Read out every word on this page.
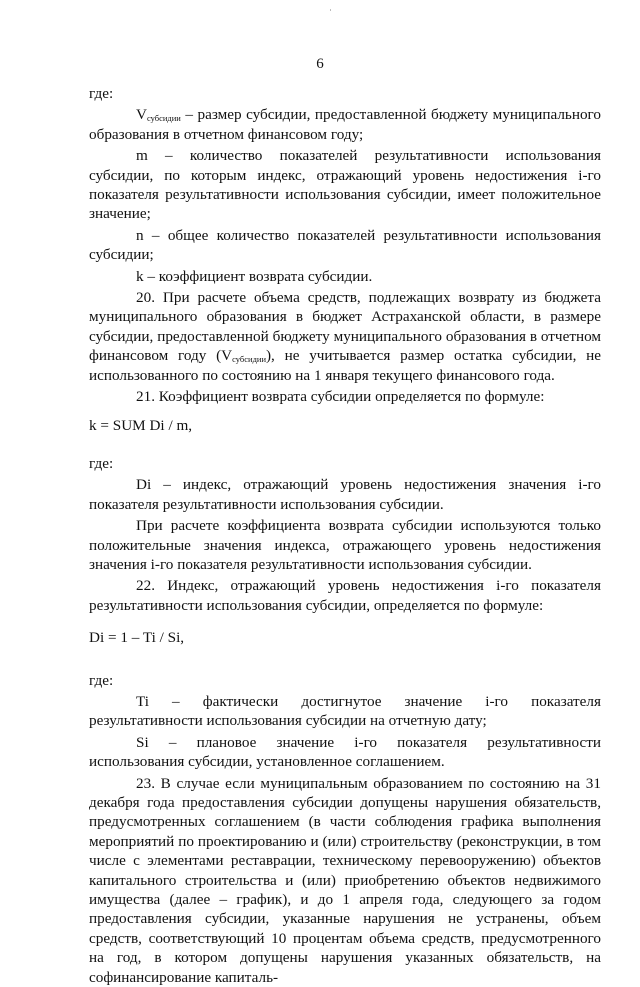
˙
6

где:

$V_{субсидии}$ – размер субсидии, предоставленной бюджету муниципального образования в отчетном финансовом году;

m – количество показателей результативности использования субсидии, по которым индекс, отражающий уровень недостижения i-го показателя результативности использования субсидии, имеет положительное значение;

n – общее количество показателей результативности использования субсидии;

k – коэффициент возврата субсидии.

20. При расчете объема средств, подлежащих возврату из бюджета муниципального образования в бюджет Астраханской области, в размере субсидии, предоставленной бюджету муниципального образования в отчетном финансовом году $(V_{субсидии})$, не учитывается размер остатка субсидии, не использованного по состоянию на 1 января текущего финансового года.

21. Коэффициент возврата субсидии определяется по формуле:

k = SUM Di / m,

где:

Di – индекс, отражающий уровень недостижения значения i-го показателя результативности использования субсидии.

При расчете коэффициента возврата субсидии используются только положительные значения индекса, отражающего уровень недостижения значения i-го показателя результативности использования субсидии.

22. Индекс, отражающий уровень недостижения i-го показателя результативности использования субсидии, определяется по формуле:

Di = 1 – Ti / Si,

где:

Ti – фактически достигнутое значение i-го показателя результативности использования субсидии на отчетную дату;

Si – плановое значение i-го показателя результативности использования субсидии, установленное соглашением.

23. В случае если муниципальным образованием по состоянию на 31 декабря года предоставления субсидии допущены нарушения обязательств, предусмотренных соглашением (в части соблюдения графика выполнения мероприятий по проектированию и (или) строительству (реконструкции, в том числе с элементами реставрации, техническому перевооружению) объектов капитального строительства и (или) приобретению объектов недвижимого имущества (далее – график), и до 1 апреля года, следующего за годом предоставления субсидии, указанные нарушения не устранены, объем средств, соответствующий 10 процентам объема средств, предусмотренного на год, в котором допущены нарушения указанных обязательств, на софинансирование капиталь-
